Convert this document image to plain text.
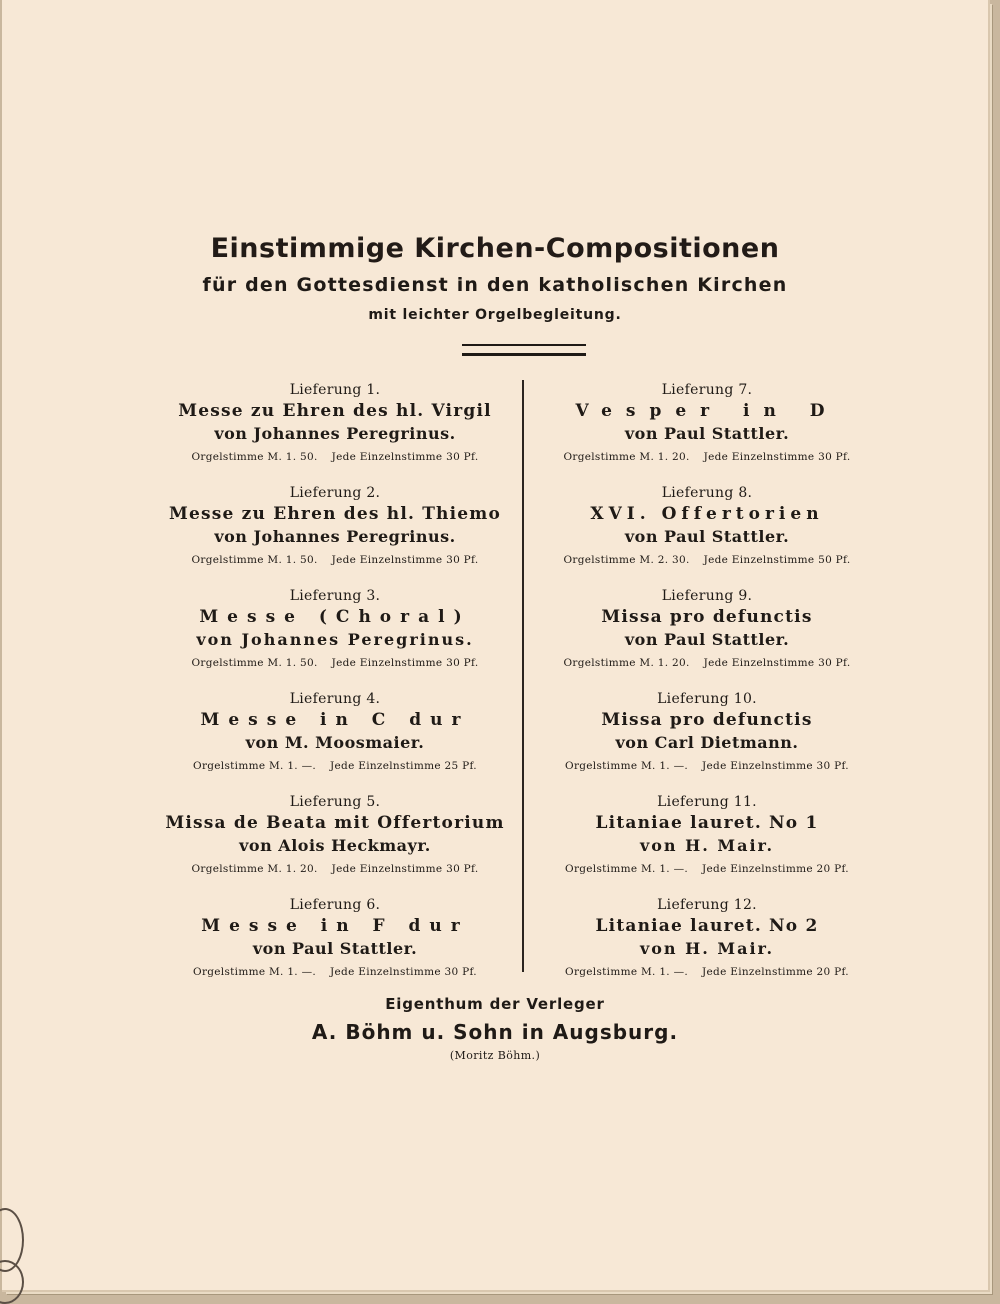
Einstimmige Kirchen-Compositionen

für den Gottesdienst in den katholischen Kirchen

mit leichter Orgelbegleitung.

Lieferung 1.
Messe zu Ehren des hl. Virgil
von Johannes Peregrinus.
Orgelstimme M. 1. 50. Jede Einzelnstimme 30 Pf.
Lieferung 2.
Messe zu Ehren des hl. Thiemo
von Johannes Peregrinus.
Orgelstimme M. 1. 50. Jede Einzelnstimme 30 Pf.
Lieferung 3.
Messe (Choral)
von Johannes Peregrinus.
Orgelstimme M. 1. 50. Jede Einzelnstimme 30 Pf.
Lieferung 4.
Messe in C dur
von M. Moosmaier.
Orgelstimme M. 1. —. Jede Einzelnstimme 25 Pf.
Lieferung 5.
Missa de Beata mit Offertorium
von Alois Heckmayr.
Orgelstimme M. 1. 20. Jede Einzelnstimme 30 Pf.
Lieferung 6.
Messe in F dur
von Paul Stattler.
Orgelstimme M. 1. —. Jede Einzelnstimme 30 Pf.
Lieferung 7.
Vesper in D
von Paul Stattler.
Orgelstimme M. 1. 20. Jede Einzelnstimme 30 Pf.
Lieferung 8.
XVI. Offertorien
von Paul Stattler.
Orgelstimme M. 2. 30. Jede Einzelnstimme 50 Pf.
Lieferung 9.
Missa pro defunctis
von Paul Stattler.
Orgelstimme M. 1. 20. Jede Einzelnstimme 30 Pf.
Lieferung 10.
Missa pro defunctis
von Carl Dietmann.
Orgelstimme M. 1. —. Jede Einzelnstimme 30 Pf.
Lieferung 11.
Litaniae lauret. No 1
von H. Mair.
Orgelstimme M. 1. —. Jede Einzelnstimme 20 Pf.
Lieferung 12.
Litaniae lauret. No 2
von H. Mair.
Orgelstimme M. 1. —. Jede Einzelnstimme 20 Pf.
Eigenthum der Verleger
A. Böhm u. Sohn in Augsburg.
(Moritz Böhm.)
